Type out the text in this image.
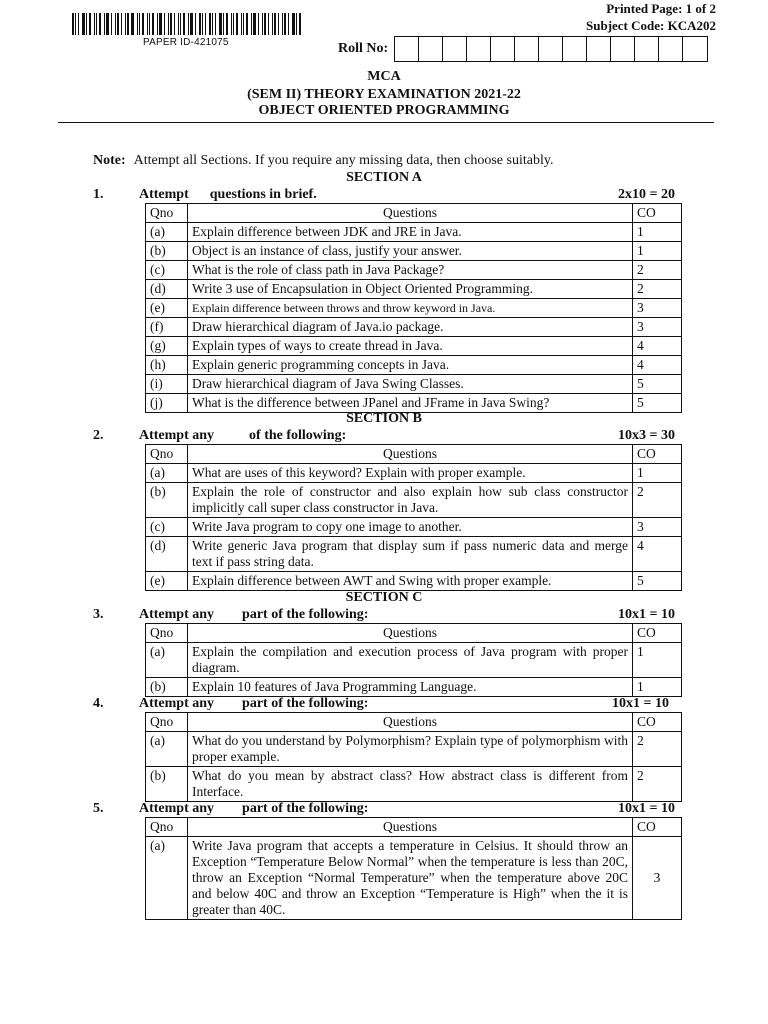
PAPER ID-421075
Printed Page: 1 of 2
Subject Code: KCA202
Roll No:
MCA
(SEM II) THEORY EXAMINATION 2021-22
OBJECT ORIENTED PROGRAMMING
Note: Attempt all Sections. If you require any missing data, then choose suitably.
SECTION A
1.	Attempt      questions in brief.	2x10 = 20
Qno	Questions	CO
(a)	Explain difference between JDK and JRE in Java.	1
(b)	Object is an instance of class, justify your answer.	1
(c)	What is the role of class path in Java Package?	2
(d)	Write 3 use of Encapsulation in Object Oriented Programming.	2
(e)	Explain difference between throws and throw keyword in Java.	3
(f)	Draw hierarchical diagram of Java.io package.	3
(g)	Explain types of ways to create thread in Java.	4
(h)	Explain generic programming concepts in Java.	4
(i)	Draw hierarchical diagram of Java Swing Classes.	5
(j)	What is the difference between JPanel and JFrame in Java Swing?	5
SECTION B
2.	Attempt any          of the following:	10x3 = 30
Qno	Questions	CO
(a)	What are uses of this keyword? Explain with proper example.	1
(b)	Explain the role of constructor and also explain how sub class constructor implicitly call super class constructor in Java.	2
(c)	Write Java program to copy one image to another.	3
(d)	Write generic Java program that display sum if pass numeric data and merge text if pass string data.	4
(e)	Explain difference between AWT and Swing with proper example.	5
SECTION C
3.	Attempt any        part of the following:	10x1 = 10
Qno	Questions	CO
(a)	Explain the compilation and execution process of Java program with proper diagram.	1
(b)	Explain 10 features of Java Programming Language.	1
4.	Attempt any        part of the following:	10x1 = 10
Qno	Questions	CO
(a)	What do you understand by Polymorphism? Explain type of polymorphism with proper example.	2
(b)	What do you mean by abstract class? How abstract class is different from Interface.	2
5.	Attempt any        part of the following:	10x1 = 10
Qno	Questions	CO
(a)	Write Java program that accepts a temperature in Celsius. It should throw an Exception “Temperature Below Normal” when the temperature is less than 20C, throw an Exception “Normal Temperature” when the temperature above 20C and below 40C and throw an Exception “Temperature is High” when the it is greater than 40C.	3
